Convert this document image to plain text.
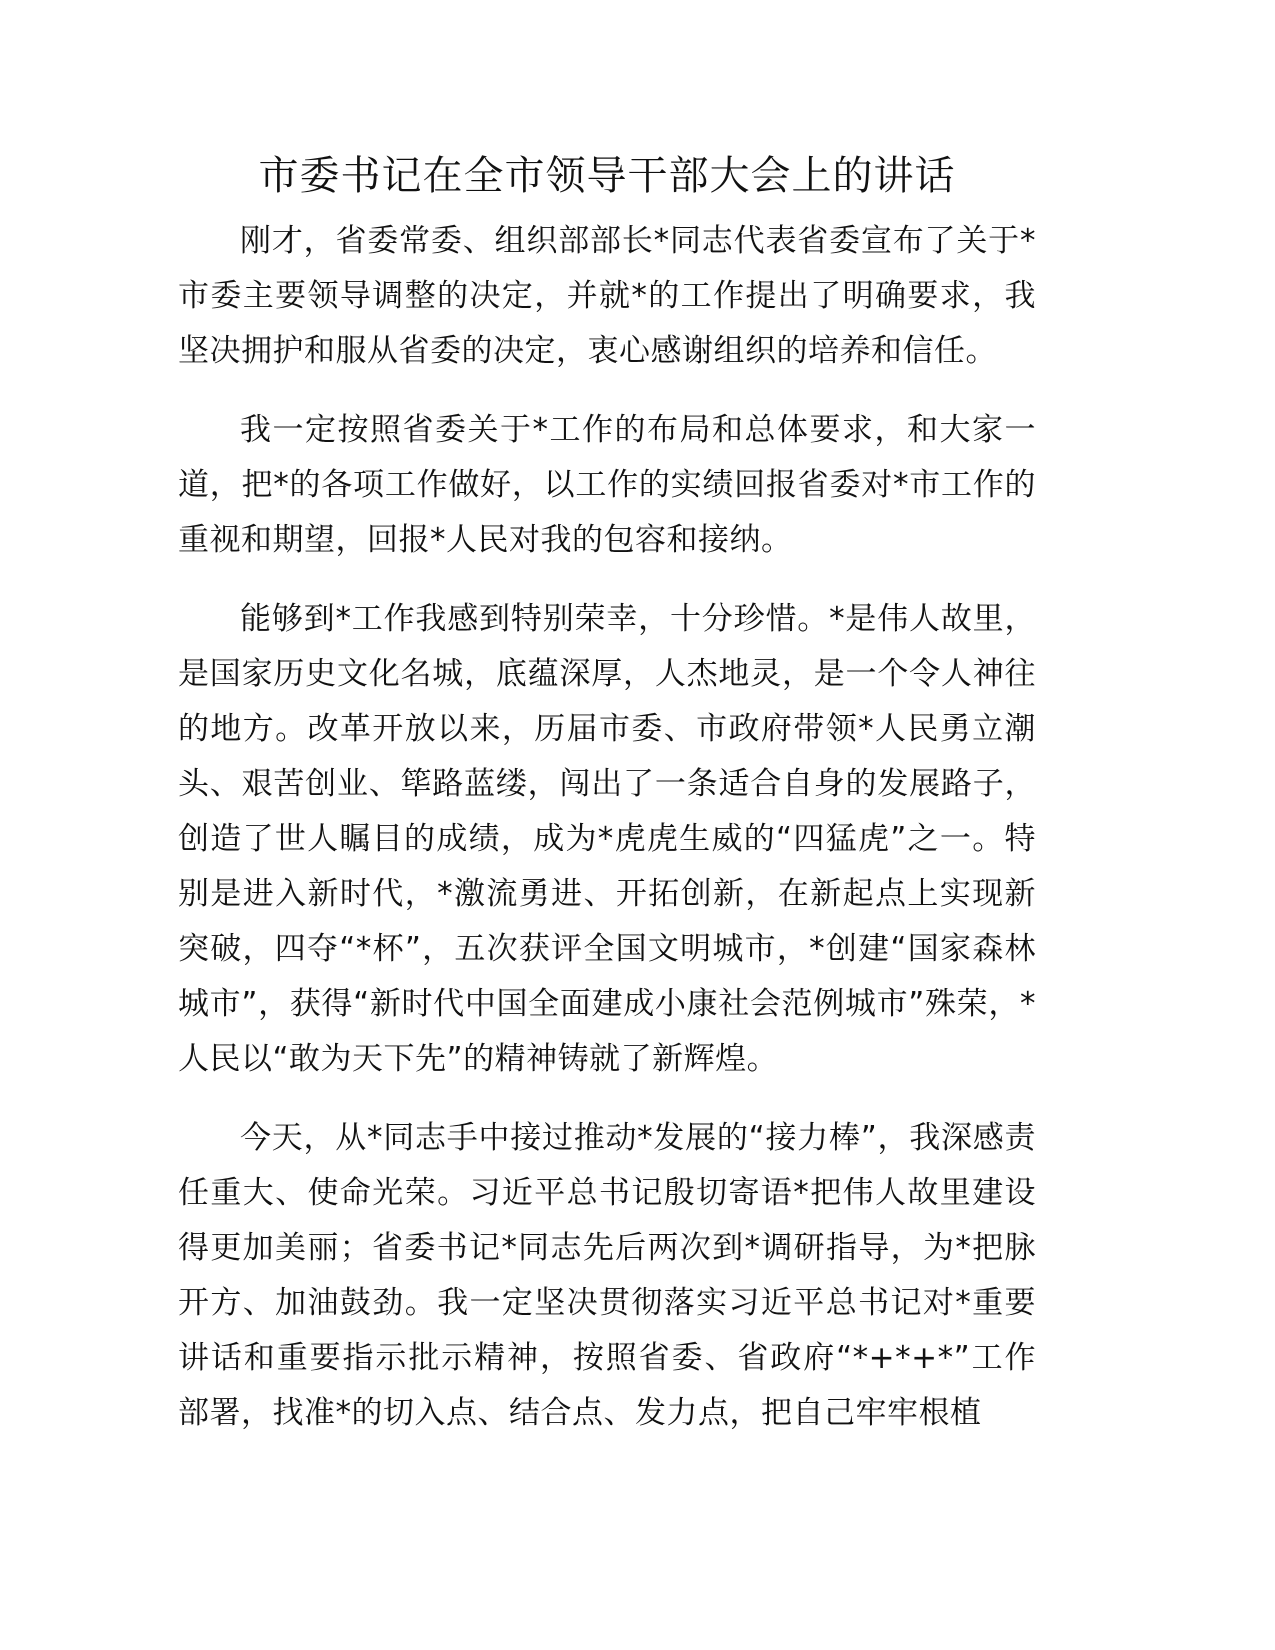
市委书记在全市领导干部大会上的讲话

刚才，省委常委、组织部部长*同志代表省委宣布了关于*市委主要领导调整的决定，并就*的工作提出了明确要求，我坚决拥护和服从省委的决定，衷心感谢组织的培养和信任。

我一定按照省委关于*工作的布局和总体要求，和大家一道，把*的各项工作做好，以工作的实绩回报省委对*市工作的重视和期望，回报*人民对我的包容和接纳。

能够到*工作我感到特别荣幸，十分珍惜。*是伟人故里，是国家历史文化名城，底蕴深厚，人杰地灵，是一个令人神往的地方。改革开放以来，历届市委、市政府带领*人民勇立潮头、艰苦创业、筚路蓝缕，闯出了一条适合自身的发展路子，创造了世人瞩目的成绩，成为*虎虎生威的“四猛虎”之一。特别是进入新时代，*激流勇进、开拓创新，在新起点上实现新突破，四夺“*杯”，五次获评全国文明城市，*创建“国家森林城市”，获得“新时代中国全面建成小康社会范例城市”殊荣，*人民以“敢为天下先”的精神铸就了新辉煌。

今天，从*同志手中接过推动*发展的“接力棒”，我深感责任重大、使命光荣。习近平总书记殷切寄语*把伟人故里建设得更加美丽；省委书记*同志先后两次到*调研指导，为*把脉开方、加油鼓劲。我一定坚决贯彻落实习近平总书记对*重要讲话和重要指示批示精神，按照省委、省政府“*+*+*”工作部署，找准*的切入点、结合点、发力点，把自己牢牢根植
